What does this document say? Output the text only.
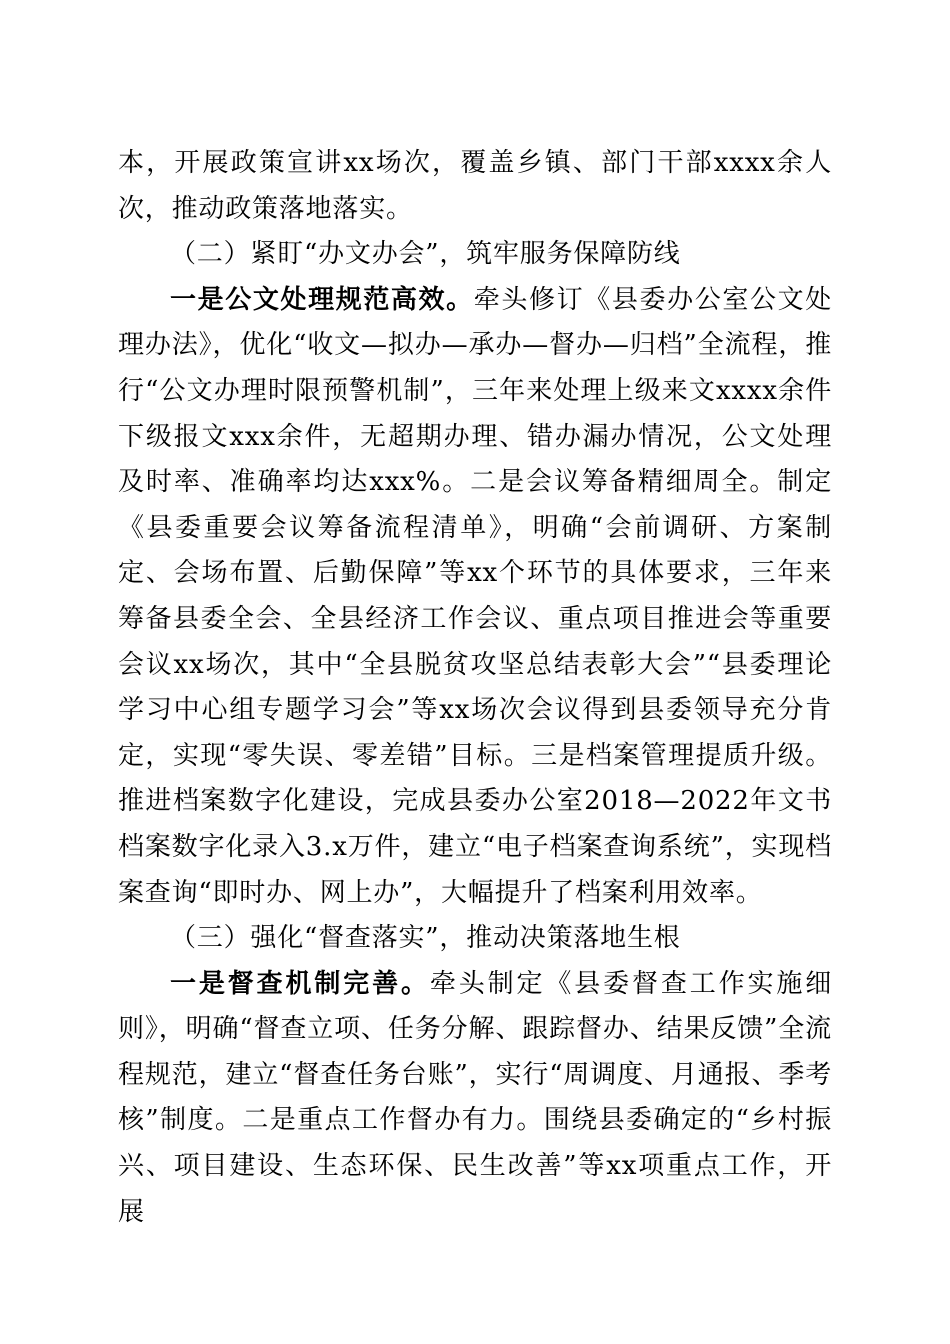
本，开展政策宣讲xx场次，覆盖乡镇、部门干部xxxx余人次，推动政策落地落实。

（二）紧盯“办文办会”，筑牢服务保障防线

一是公文处理规范高效。牵头修订《县委办公室公文处理办法》，优化“收文—拟办—承办—督办—归档”全流程，推行“公文办理时限预警机制”，三年来处理上级来文xxxx余件下级报文xxx余件，无超期办理、错办漏办情况，公文处理及时率、准确率均达xxx%。二是会议筹备精细周全。制定《县委重要会议筹备流程清单》，明确“会前调研、方案制定、会场布置、后勤保障”等xx个环节的具体要求，三年来筹备县委全会、全县经济工作会议、重点项目推进会等重要会议xx场次，其中“全县脱贫攻坚总结表彰大会”“县委理论学习中心组专题学习会”等xx场次会议得到县委领导充分肯定，实现“零失误、零差错”目标。三是档案管理提质升级。推进档案数字化建设，完成县委办公室2018—2022年文书档案数字化录入3.x万件，建立“电子档案查询系统”，实现档案查询“即时办、网上办”，大幅提升了档案利用效率。

（三）强化“督查落实”，推动决策落地生根

一是督查机制完善。牵头制定《县委督查工作实施细则》，明确“督查立项、任务分解、跟踪督办、结果反馈”全流程规范，建立“督查任务台账”，实行“周调度、月通报、季考核”制度。二是重点工作督办有力。围绕县委确定的“乡村振兴、项目建设、生态环保、民生改善”等xx项重点工作，开展
